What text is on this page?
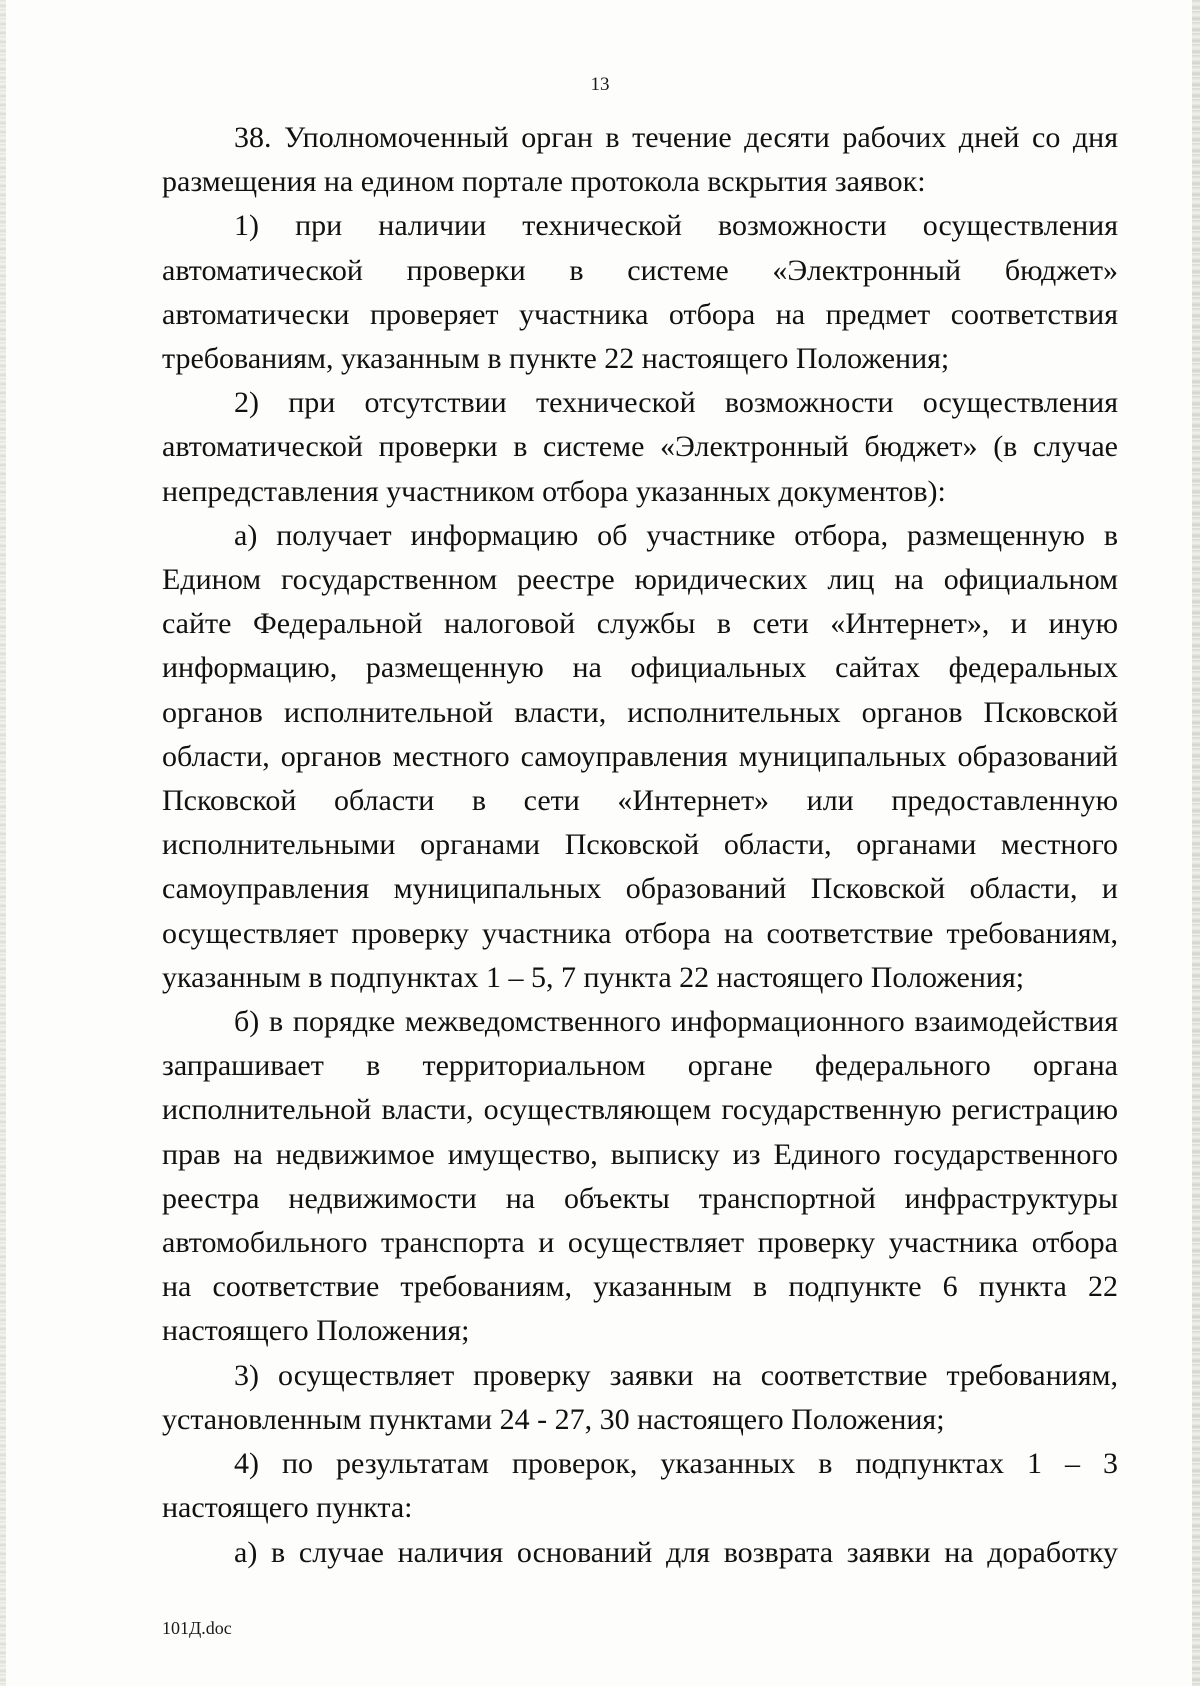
13

38. Уполномоченный орган в течение десяти рабочих дней со дня размещения на едином портале протокола вскрытия заявок:

1) при наличии технической возможности осуществления автоматической проверки в системе «Электронный бюджет» автоматически проверяет участника отбора на предмет соответствия требованиям, указанным в пункте 22 настоящего Положения;

2) при отсутствии технической возможности осуществления автоматической проверки в системе «Электронный бюджет» (в случае непредставления участником отбора указанных документов):

а) получает информацию об участнике отбора, размещенную в Едином государственном реестре юридических лиц на официальном сайте Федеральной налоговой службы в сети «Интернет», и иную информацию, размещенную на официальных сайтах федеральных органов исполнительной власти, исполнительных органов Псковской области, органов местного самоуправления муниципальных образований Псковской области в сети «Интернет» или предоставленную исполнительными органами Псковской области, органами местного самоуправления муниципальных образований Псковской области, и осуществляет проверку участника отбора на соответствие требованиям, указанным в подпунктах 1 – 5, 7 пункта 22 настоящего Положения;

б) в порядке межведомственного информационного взаимодействия запрашивает в территориальном органе федерального органа исполнительной власти, осуществляющем государственную регистрацию прав на недвижимое имущество, выписку из Единого государственного реестра недвижимости на объекты транспортной инфраструктуры автомобильного транспорта и осуществляет проверку участника отбора на соответствие требованиям, указанным в подпункте 6 пункта 22 настоящего Положения;

3) осуществляет проверку заявки на соответствие требованиям, установленным пунктами 24 - 27, 30 настоящего Положения;

4) по результатам проверок, указанных в подпунктах 1 – 3 настоящего пункта:

а) в случае наличия оснований для возврата заявки на доработку

101Д.doc
